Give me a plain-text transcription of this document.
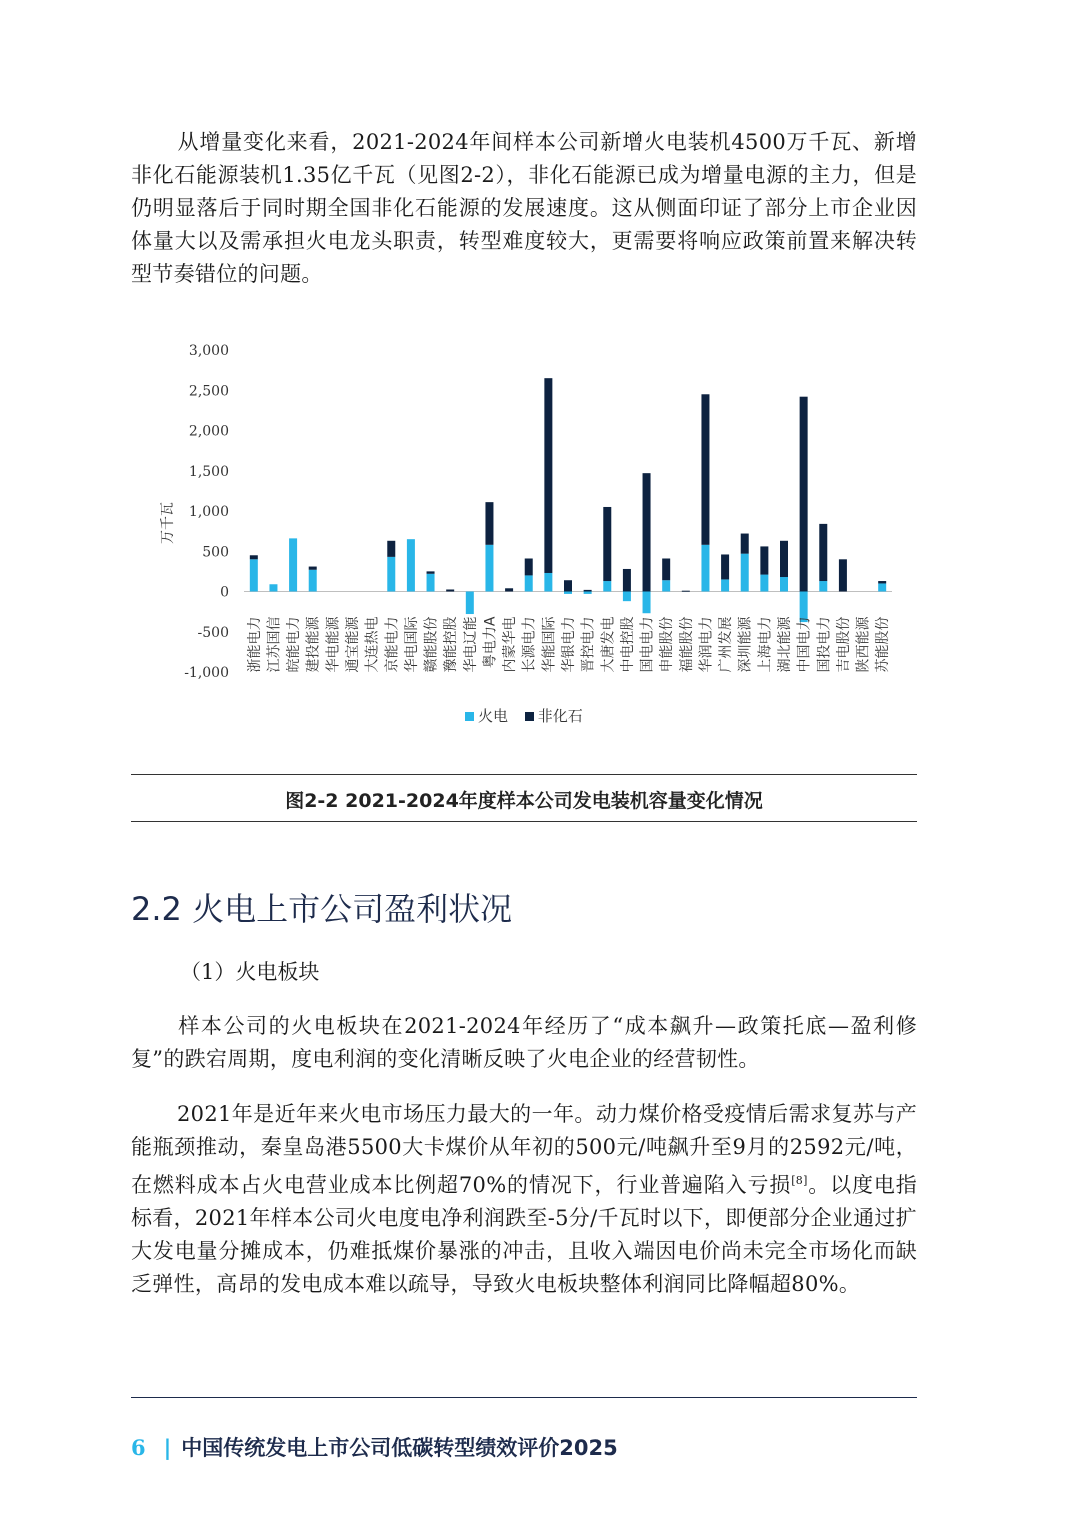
从增量变化来看，2021-2024年间样本公司新增火电装机4500万千瓦、新增非化石能源装机1.35亿千瓦（见图2-2），非化石能源已成为增量电源的主力，但是仍明显落后于同时期全国非化石能源的发展速度。这从侧面印证了部分上市企业因体量大以及需承担火电龙头职责，转型难度较大，更需要将响应政策前置来解决转型节奏错位的问题。

-1,000
-500
0
500
1,000
1,500
2,000
2,500
3,000
万千瓦
浙能电力 江苏国信 皖能电力 建投能源 华电能源 通宝能源 大连热电 京能电力 华电国际 赣能股份 豫能控股 华电辽能 粤电力A 内蒙华电 长源电力 华能国际 华银电力 晋控电力 大唐发电 中电控股 国电电力 申能股份 福能股份 华润电力 广州发展 深圳能源 上海电力 湖北能源 中国电力 国投电力 吉电股份 陕西能源 苏能股份
火电 非化石
图2-2 2021-2024年度样本公司发电装机容量变化情况
2.2 火电上市公司盈利状况
（1）火电板块

样本公司的火电板块在2021-2024年经历了“成本飙升—政策托底—盈利修复”的跌宕周期，度电利润的变化清晰反映了火电企业的经营韧性。

2021年是近年来火电市场压力最大的一年。动力煤价格受疫情后需求复苏与产能瓶颈推动，秦皇岛港5500大卡煤价从年初的500元/吨飙升至9月的2592元/吨，在燃料成本占火电营业成本比例超70%的情况下，行业普遍陷入亏损[8]。以度电指标看，2021年样本公司火电度电净利润跌至-5分/千瓦时以下，即便部分企业通过扩大发电量分摊成本，仍难抵煤价暴涨的冲击，且收入端因电价尚未完全市场化而缺乏弹性，高昂的发电成本难以疏导，导致火电板块整体利润同比降幅超80%。

6 | 中国传统发电上市公司低碳转型绩效评价2025
